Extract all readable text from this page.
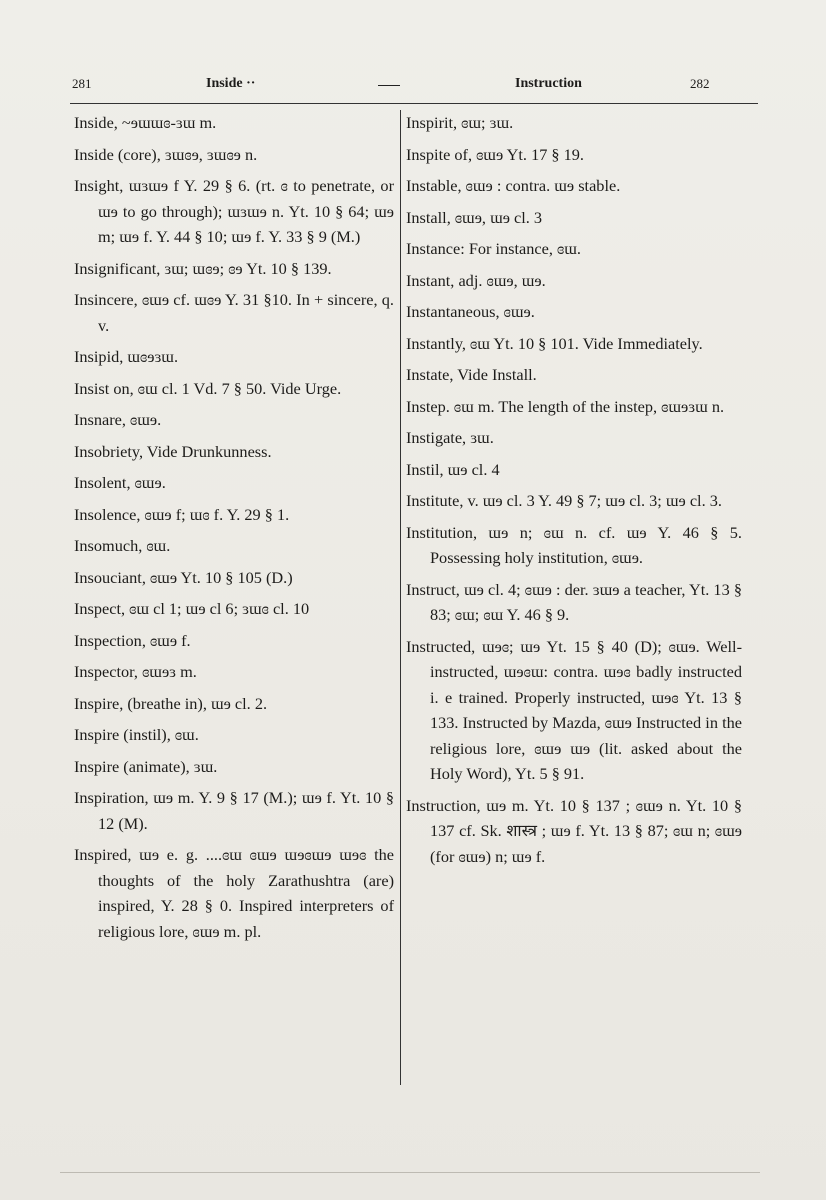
281	Inside ··	Instruction	282

Inside, ~ɘɯɯɞ-ɜɯ m.

Inside (core), ɜɯɞɘ, ɜɯɞɘ n.

Insight, ɯɜɯɘ f Y. 29 § 6. (rt. ɞ to penetrate, or ɯɘ to go through); ɯɜɯɘ n. Yt. 10 § 64; ɯɘ m; ɯɘ f. Y. 44 § 10; ɯɘ f. Y. 33 § 9 (M.)

Insignificant, ɜɯ; ɯɞɘ; ɞɘ Yt. 10 § 139.

Insincere, ɞɯɘ cf. ɯɞɘ Y. 31 §10. In + sincere, q. v.

Insipid, ɯɞɘɜɯ.

Insist on, ɞɯ cl. 1 Vd. 7 § 50. Vide Urge.

Insnare, ɞɯɘ.

Insobriety, Vide Drunkunness.

Insolent, ɞɯɘ.

Insolence, ɞɯɘ f; ɯɞ f. Y. 29 § 1.

Insomuch, ɞɯ.

Insouciant, ɞɯɘ Yt. 10 § 105 (D.)

Inspect, ɞɯ cl 1; ɯɘ cl 6; ɜɯɞ cl. 10

Inspection, ɞɯɘ f.

Inspector, ɞɯɘɜ m.

Inspire, (breathe in), ɯɘ cl. 2.

Inspire (instil), ɞɯ.

Inspire (animate), ɜɯ.

Inspiration, ɯɘ m. Y. 9 § 17 (M.); ɯɘ f. Yt. 10 § 12 (M).

Inspired, ɯɘ e. g. ....ɞɯ ɞɯɘ ɯɘɞɯɘ ɯɘɞ the thoughts of the holy Zarathushtra (are) inspired, Y. 28 § 0. Inspired interpreters of religious lore, ɞɯɘ m. pl.

Inspirit, ɞɯ; ɜɯ.

Inspite of, ɞɯɘ Yt. 17 § 19.

Instable, ɞɯɘ : contra. ɯɘ stable.

Install, ɞɯɘ, ɯɘ cl. 3

Instance: For instance, ɞɯ.

Instant, adj. ɞɯɘ, ɯɘ.

Instantaneous, ɞɯɘ.

Instantly, ɞɯ Yt. 10 § 101. Vide Immediately.

Instate, Vide Install.

Instep. ɞɯ m. The length of the instep, ɞɯɘɜɯ n.

Instigate, ɜɯ.

Instil, ɯɘ cl. 4

Institute, v. ɯɘ cl. 3 Y. 49 § 7; ɯɘ cl. 3; ɯɘ cl. 3.

Institution, ɯɘ n; ɞɯ n. cf. ɯɘ Y. 46 § 5. Possessing holy institution, ɞɯɘ.

Instruct, ɯɘ cl. 4; ɞɯɘ : der. ɜɯɘ a teacher, Yt. 13 § 83; ɞɯ; ɞɯ Y. 46 § 9.

Instructed, ɯɘɞ; ɯɘ Yt. 15 § 40 (D); ɞɯɘ. Well-instructed, ɯɘɞɯ: contra. ɯɘɞ badly instructed i. e trained. Properly instructed, ɯɘɞ Yt. 13 § 133. Instructed by Mazda, ɞɯɘ Instructed in the religious lore, ɞɯɘ ɯɘ (lit. asked about the Holy Word), Yt. 5 § 91.

Instruction, ɯɘ m. Yt. 10 § 137 ; ɞɯɘ n. Yt. 10 § 137 cf. Sk. शास्त्र ; ɯɘ f. Yt. 13 § 87; ɞɯ n; ɞɯɘ (for ɞɯɘ) n; ɯɘ f.
